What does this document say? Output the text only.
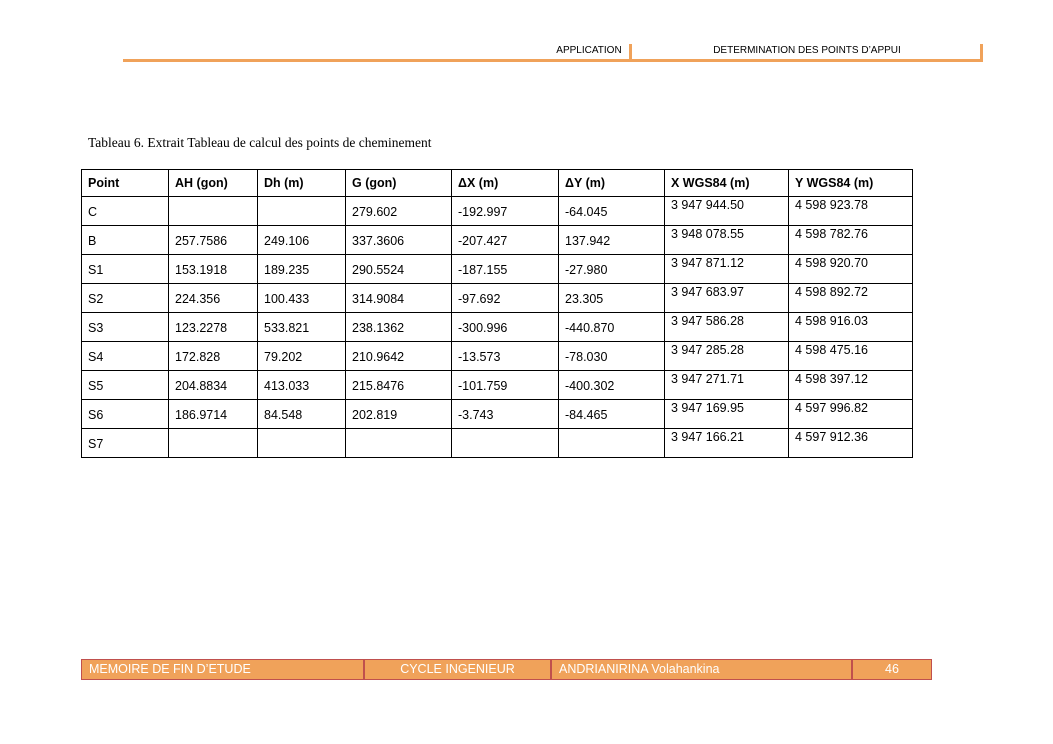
APPLICATION	DETERMINATION DES POINTS D’APPUI
Tableau 6. Extrait Tableau de calcul des points de cheminement
Point	AH (gon)	Dh (m)	G (gon)	ΔX (m)	ΔY (m)	X WGS84 (m)	Y WGS84 (m)
C			279.602	-192.997	-64.045	3 947 944.50	4 598 923.78
B	257.7586	249.106	337.3606	-207.427	137.942	3 948 078.55	4 598 782.76
S1	153.1918	189.235	290.5524	-187.155	-27.980	3 947 871.12	4 598 920.70
S2	224.356	100.433	314.9084	-97.692	23.305	3 947 683.97	4 598 892.72
S3	123.2278	533.821	238.1362	-300.996	-440.870	3 947 586.28	4 598 916.03
S4	172.828	79.202	210.9642	-13.573	-78.030	3 947 285.28	4 598 475.16
S5	204.8834	413.033	215.8476	-101.759	-400.302	3 947 271.71	4 598 397.12
S6	186.9714	84.548	202.819	-3.743	-84.465	3 947 169.95	4 597 996.82
S7						3 947 166.21	4 597 912.36
MEMOIRE DE FIN D’ETUDE	CYCLE INGENIEUR	ANDRIANIRINA Volahankina	46
